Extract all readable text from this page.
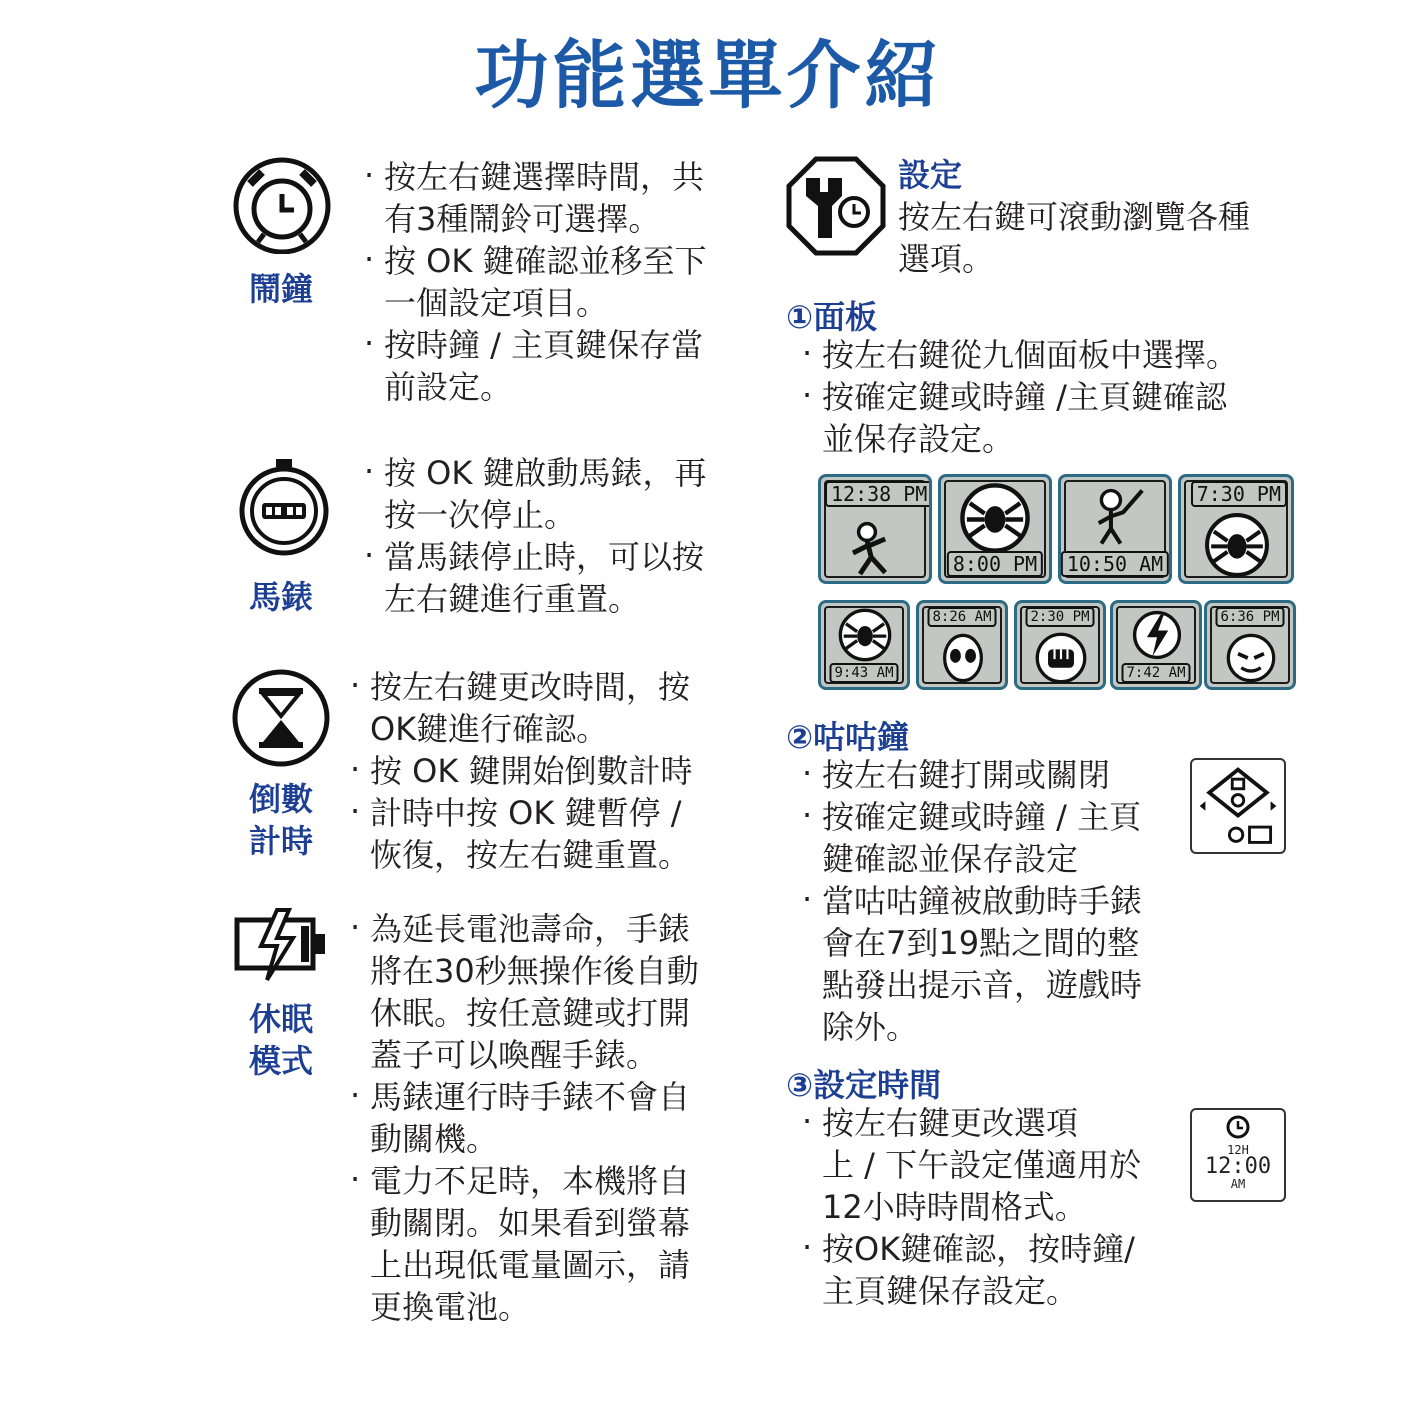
功能選單介紹
鬧鐘
· 按左右鍵選擇時間，共
有3種鬧鈴可選擇。
· 按 OK 鍵確認並移至下
一個設定項目。
· 按時鐘 / 主頁鍵保存當
前設定。
馬錶
· 按 OK 鍵啟動馬錶，再
按一次停止。
· 當馬錶停止時，可以按
左右鍵進行重置。
倒數
計時
· 按左右鍵更改時間，按
OK鍵進行確認。
· 按 OK 鍵開始倒數計時
· 計時中按 OK 鍵暫停 /
恢復，按左右鍵重置。
休眠
模式
· 為延長電池壽命，手錶
將在30秒無操作後自動
休眠。按任意鍵或打開
蓋子可以喚醒手錶。
· 馬錶運行時手錶不會自
動關機。
· 電力不足時，本機將自
動關閉。如果看到螢幕
上出現低電量圖示，請
更換電池。
設定
按左右鍵可滾動瀏覽各種
選項。
①面板
· 按左右鍵從九個面板中選擇。
· 按確定鍵或時鐘 /主頁鍵確認
並保存設定。
12:38 PM
8:00 PM	10:50 AM
7:30 PM
9:43 AM
8:26 AM	2:30 PM
7:42 AM
6:36 PM
②咕咕鐘
· 按左右鍵打開或關閉
· 按確定鍵或時鐘 / 主頁
鍵確認並保存設定
· 當咕咕鐘被啟動時手錶
會在7到19點之間的整
點發出提示音，遊戲時
除外。
③設定時間
· 按左右鍵更改選項
上 / 下午設定僅適用於
12小時時間格式。
· 按OK鍵確認，按時鐘/
主頁鍵保存設定。
12H
12:00
AM
